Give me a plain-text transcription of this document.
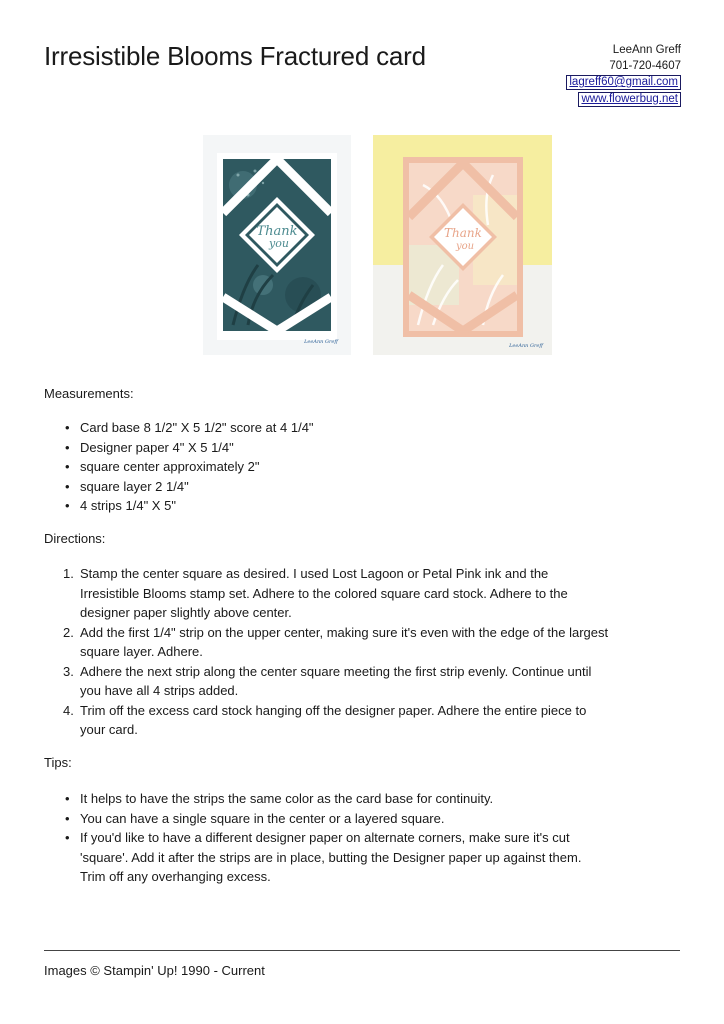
Irresistible Blooms Fractured card	LeeAnn Greff
701-720-4607
lagreff60@gmail.com
www.flowerbug.net
Thank
you
LeeAnn Greff
Thank
you
LeeAnn Greff
Measurements:
• Card base 8 1/2" X 5 1/2" score at 4 1/4"
• Designer paper 4" X 5 1/4"
• square center approximately 2"
• square layer 2 1/4"
• 4 strips 1/4" X 5"
Directions:
1. Stamp the center square as desired. I used Lost Lagoon or Petal Pink ink and the
Irresistible Blooms stamp set. Adhere to the colored square card stock. Adhere to the
designer paper slightly above center.
2. Add the first 1/4" strip on the upper center, making sure it's even with the edge of the largest
square layer. Adhere.
3. Adhere the next strip along the center square meeting the first strip evenly. Continue until
you have all 4 strips added.
4. Trim off the excess card stock hanging off the designer paper. Adhere the entire piece to
your card.
Tips:
• It helps to have the strips the same color as the card base for continuity.
• You can have a single square in the center or a layered square.
• If you'd like to have a different designer paper on alternate corners, make sure it's cut
'square'. Add it after the strips are in place, butting the Designer paper up against them.
Trim off any overhanging excess.
Images © Stampin' Up! 1990 - Current
